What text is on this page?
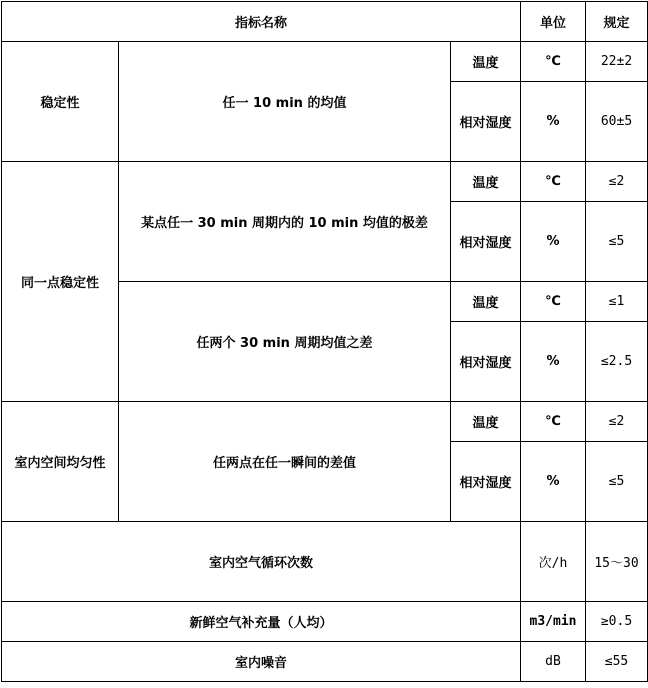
指标名称			单位	规定
稳定性	任一 10 min 的均值	温度	℃	22±2
		相对湿度	%	60±5
同一点稳定性	某点任一 30 min 周期内的 10 min 均值的极差	温度	℃	≤2
		相对湿度	%	≤5
	任两个 30 min 周期均值之差	温度	℃	≤1
		相对湿度	%	≤2.5
室内空间均匀性	任两点在任一瞬间的差值	温度	℃	≤2
		相对湿度	%	≤5
室内空气循环次数			次/h	15～30
新鲜空气补充量（人均）			m3/min	≥0.5
室内噪音			dB	≤55
